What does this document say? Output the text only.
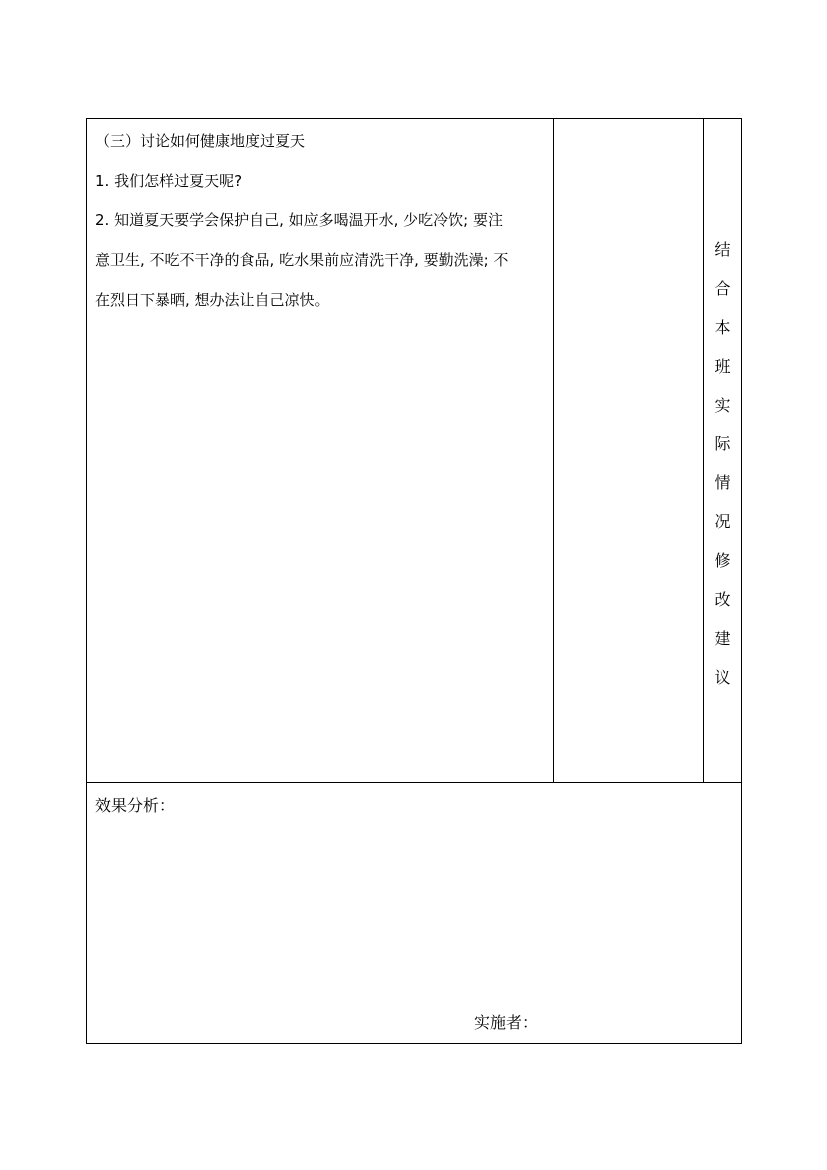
（三）讨论如何健康地度过夏天
1. 我们怎样过夏天呢?
2. 知道夏天要学会保护自己, 如应多喝温开水, 少吃冷饮; 要注
意卫生, 不吃不干净的食品, 吃水果前应清洗干净, 要勤洗澡; 不
在烈日下暴晒, 想办法让自己凉快。
结
合
本
班
实
际
情
况
修
改
建
议
效果分析：
实施者：
